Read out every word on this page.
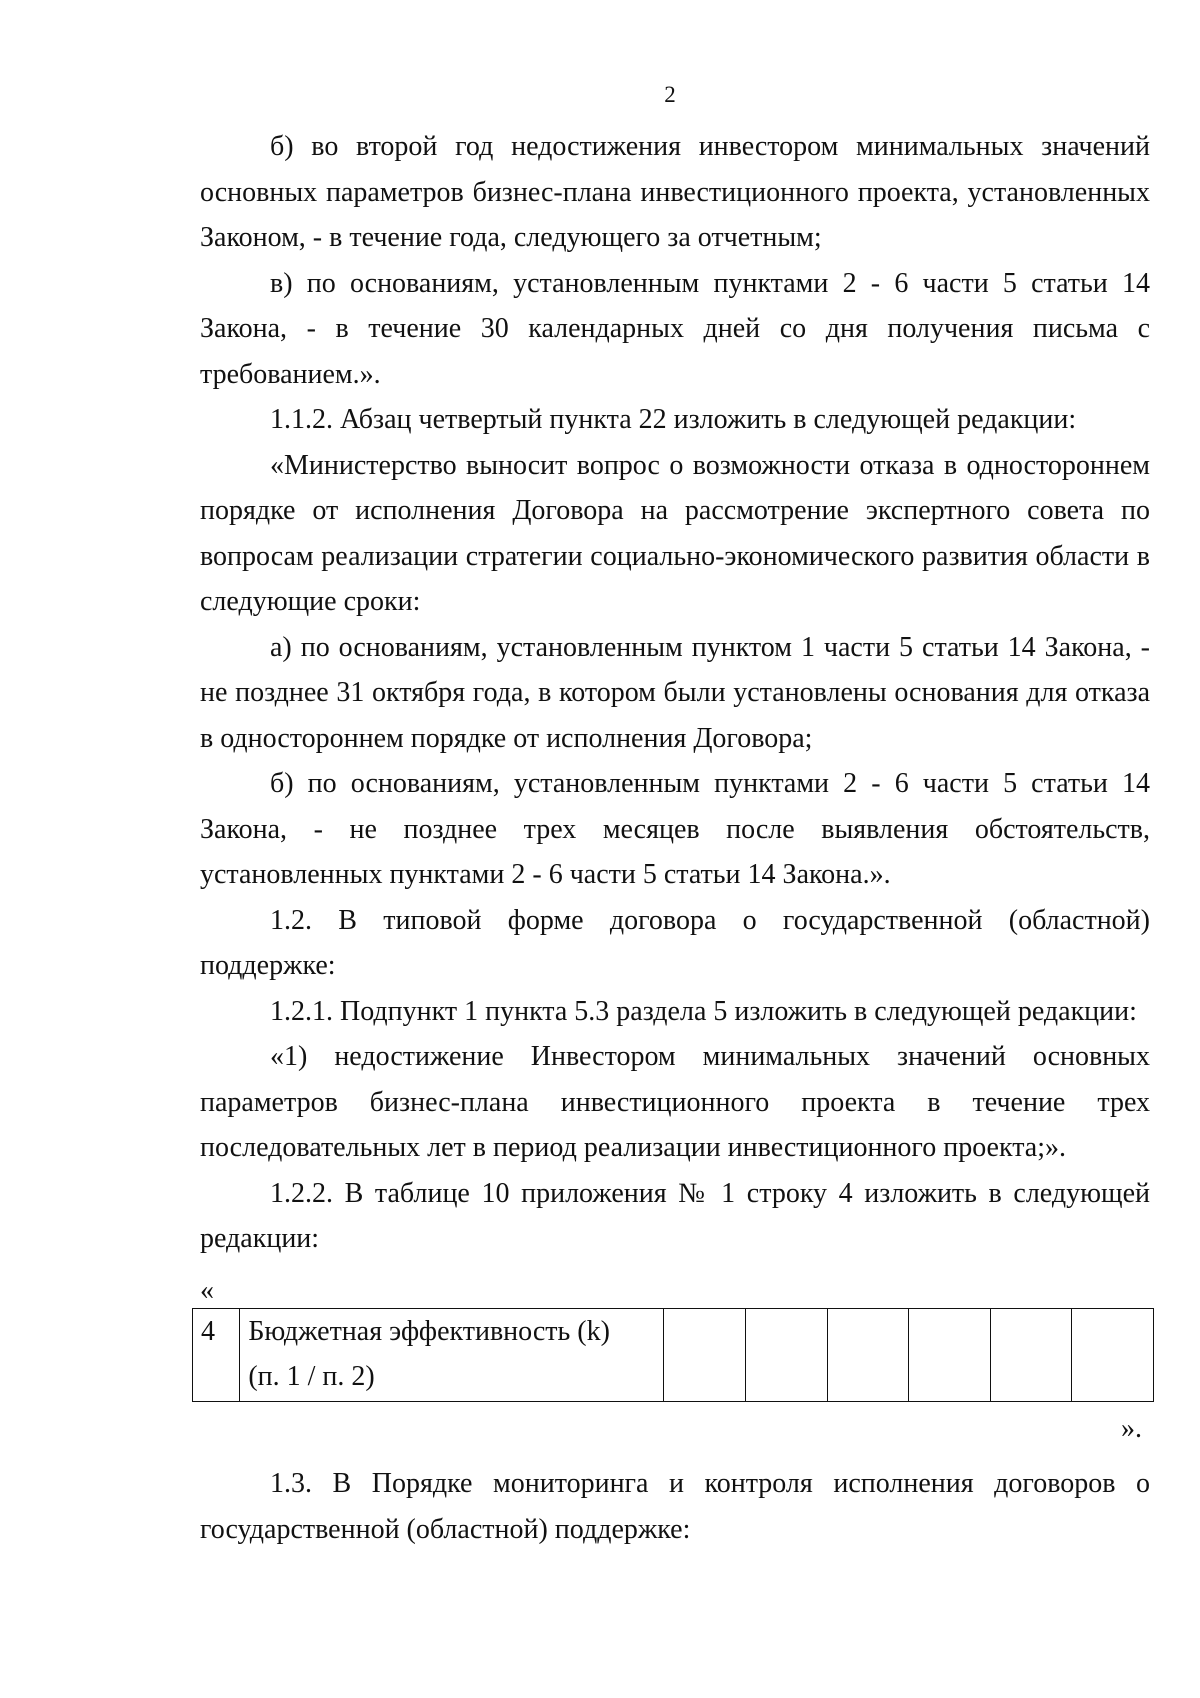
2

б) во второй год недостижения инвестором минимальных значений основных параметров бизнес-плана инвестиционного проекта, установленных Законом, - в течение года, следующего за отчетным;

в) по основаниям, установленным пунктами 2 - 6 части 5 статьи 14 Закона, - в течение 30 календарных дней со дня получения письма с требованием.».

1.1.2. Абзац четвертый пункта 22 изложить в следующей редакции:

«Министерство выносит вопрос о возможности отказа в одностороннем порядке от исполнения Договора на рассмотрение экспертного совета по вопросам реализации стратегии социально-экономического развития области в следующие сроки:

а) по основаниям, установленным пунктом 1 части 5 статьи 14 Закона, - не позднее 31 октября года, в котором были установлены основания для отказа в одностороннем порядке от исполнения Договора;

б) по основаниям, установленным пунктами 2 - 6 части 5 статьи 14 Закона, - не позднее трех месяцев после выявления обстоятельств, установленных пунктами 2 - 6 части 5 статьи 14 Закона.».

1.2. В типовой форме договора о государственной (областной) поддержке:

1.2.1. Подпункт 1 пункта 5.3 раздела 5 изложить в следующей редакции:

«1) недостижение Инвестором минимальных значений основных параметров бизнес-плана инвестиционного проекта в течение трех последовательных лет в период реализации инвестиционного проекта;».

1.2.2. В таблице 10 приложения № 1 строку 4 изложить в следующей редакции:

«
4	Бюджетная эффективность (k)
(п. 1 / п. 2)

».

1.3. В Порядке мониторинга и контроля исполнения договоров о государственной (областной) поддержке:
